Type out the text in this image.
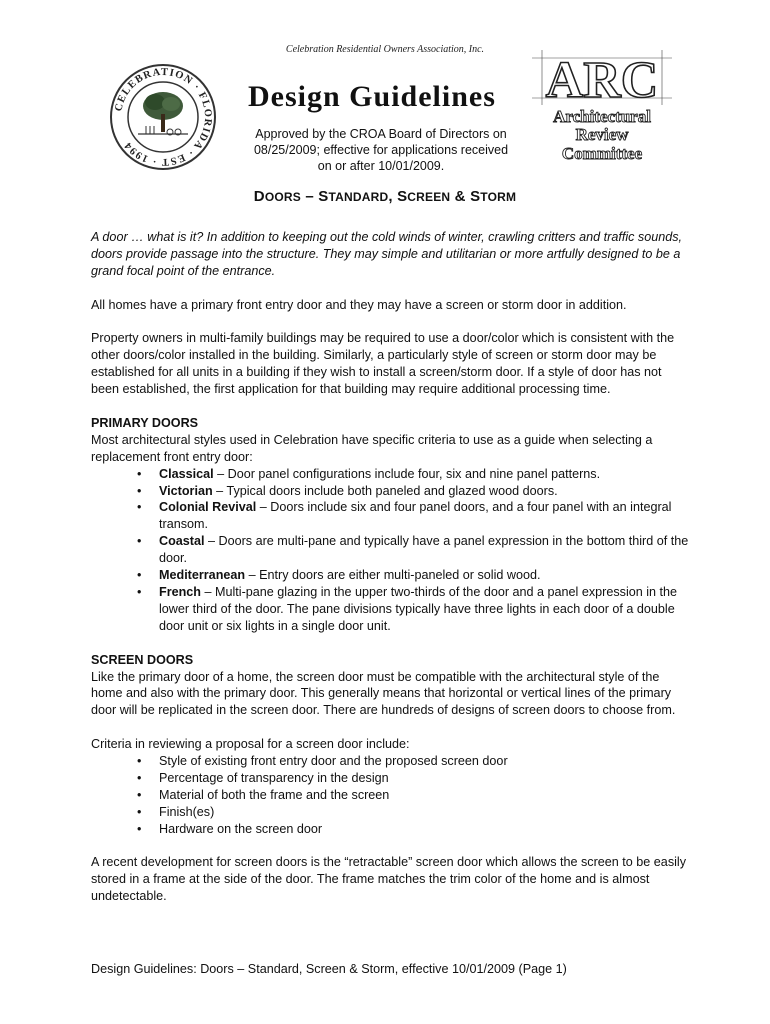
Celebration Residential Owners Association, Inc.
CELEBRATION · FLORIDA · EST · 1994
Design Guidelines
Approved by the CROA Board of Directors on 08/25/2009; effective for applications received on or after 10/01/2009.
ARC
Architectural
Review
Committee
DOORS – STANDARD, SCREEN & STORM

A door … what is it? In addition to keeping out the cold winds of winter, crawling critters and traffic sounds, doors provide passage into the structure. They may simple and utilitarian or more artfully designed to be a grand focal point of the entrance.

All homes have a primary front entry door and they may have a screen or storm door in addition.

Property owners in multi-family buildings may be required to use a door/color which is consistent with the other doors/color installed in the building. Similarly, a particularly style of screen or storm door may be established for all units in a building if they wish to install a screen/storm door. If a style of door has not been established, the first application for that building may require additional processing time.

PRIMARY DOORS
Most architectural styles used in Celebration have specific criteria to use as a guide when selecting a replacement front entry door:
• Classical – Door panel configurations include four, six and nine panel patterns.
• Victorian – Typical doors include both paneled and glazed wood doors.
• Colonial Revival – Doors include six and four panel doors, and a four panel with an integral transom.
• Coastal – Doors are multi-pane and typically have a panel expression in the bottom third of the door.
• Mediterranean – Entry doors are either multi-paneled or solid wood.
• French – Multi-pane glazing in the upper two-thirds of the door and a panel expression in the lower third of the door. The pane divisions typically have three lights in each door of a double door unit or six lights in a single door unit.
SCREEN DOORS

Like the primary door of a home, the screen door must be compatible with the architectural style of the home and also with the primary door. This generally means that horizontal or vertical lines of the primary door will be replicated in the screen door. There are hundreds of designs of screen doors to choose from.

Criteria in reviewing a proposal for a screen door include:
• Style of existing front entry door and the proposed screen door
• Percentage of transparency in the design
• Material of both the frame and the screen
• Finish(es)
• Hardware on the screen door

A recent development for screen doors is the “retractable” screen door which allows the screen to be easily stored in a frame at the side of the door. The frame matches the trim color of the home and is almost undetectable.

Design Guidelines: Doors – Standard, Screen & Storm, effective 10/01/2009 (Page 1)
